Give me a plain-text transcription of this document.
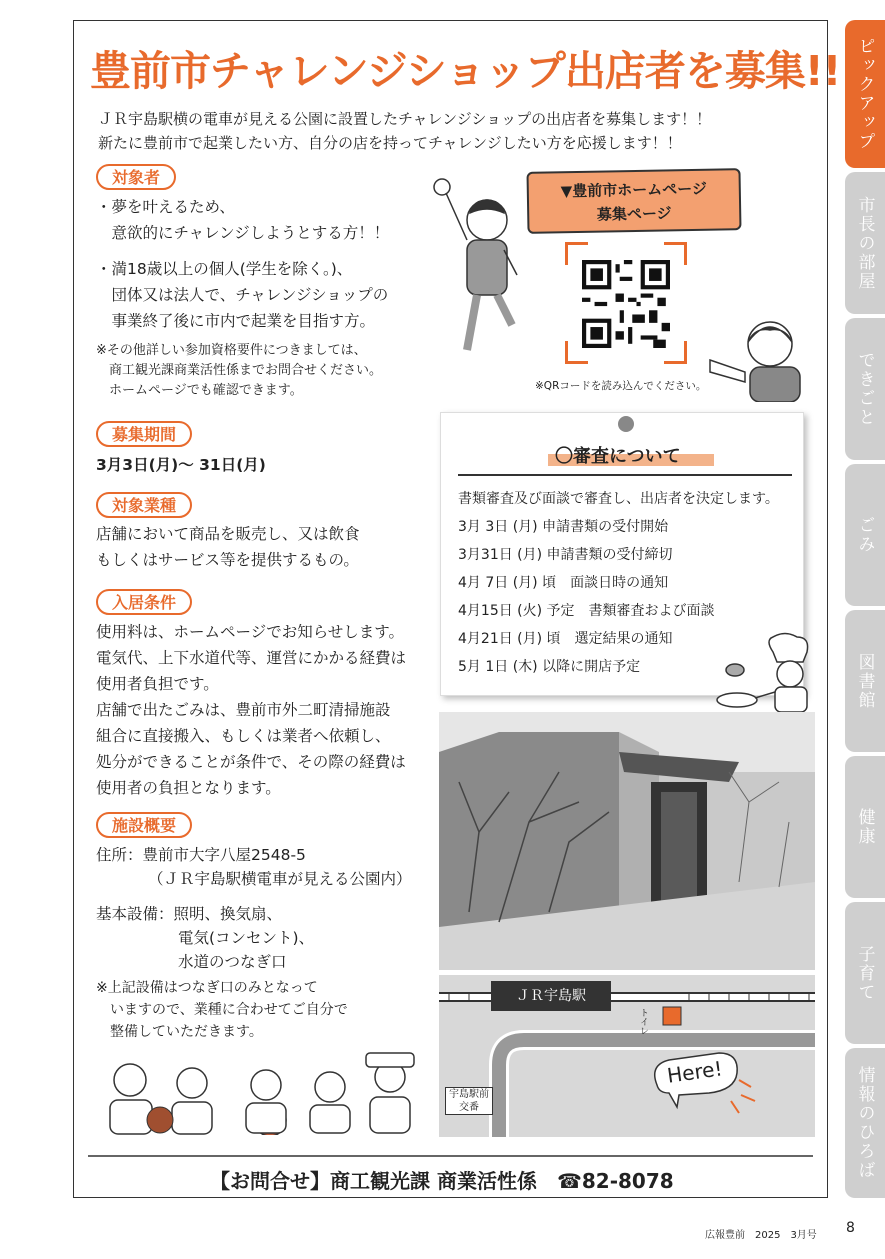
豊前市チャレンジショップ出店者を募集!!
ＪＲ宇島駅横の電車が見える公園に設置したチャレンジショップの出店者を募集します！！
新たに豊前市で起業したい方、自分の店を持ってチャレンジしたい方を応援します！！
対象者
・夢を叶えるため、
　意欲的にチャレンジしようとする方！！
・満18歳以上の個人(学生を除く。)、
　団体又は法人で、チャレンジショップの
　事業終了後に市内で起業を目指す方。
※その他詳しい参加資格要件につきましては、
　商工観光課商業活性係までお問合せください。
　ホームページでも確認できます。
募集期間
3月3日(月)～ 31日(月)
対象業種
店舗において商品を販売し、又は飲食
もしくはサービス等を提供するもの。
入居条件
使用料は、ホームページでお知らせします。
電気代、上下水道代等、運営にかかる経費は
使用者負担です。
店舗で出たごみは、豊前市外二町清掃施設
組合に直接搬入、もしくは業者へ依頼し、
処分ができることが条件で、その際の経費は
使用者の負担となります。
施設概要
住所：豊前市大字八屋2548-5
（ＪＲ宇島駅横電車が見える公園内）
基本設備：照明、換気扇、
電気(コンセント)、
水道のつなぎ口
※上記設備はつなぎ口のみとなって
　いますので、業種に合わせてご自分で
　整備していただきます。
▼豊前市ホームページ
募集ページ
※QRコードを読み込んでください。
〇審査について
書類審査及び面談で審査し、出店者を決定します。
3月 3日 (月) 申請書類の受付開始
3月31日 (月) 申請書類の受付締切
4月 7日 (月) 頃　面談日時の通知
4月15日 (火) 予定　書類審査および面談
4月21日 (月) 頃　選定結果の通知
5月 1日 (木) 以降に開店予定
ＪＲ宇島駅
トイレ
Here!
宇島駅前
交番
【お問合せ】商工観光課 商業活性係　☎82-8078
ピックアップ
市長の部屋
できごと
ごみ
図書館
健康
子育て
情報のひろば
広報豊前　2025　3月号 8
